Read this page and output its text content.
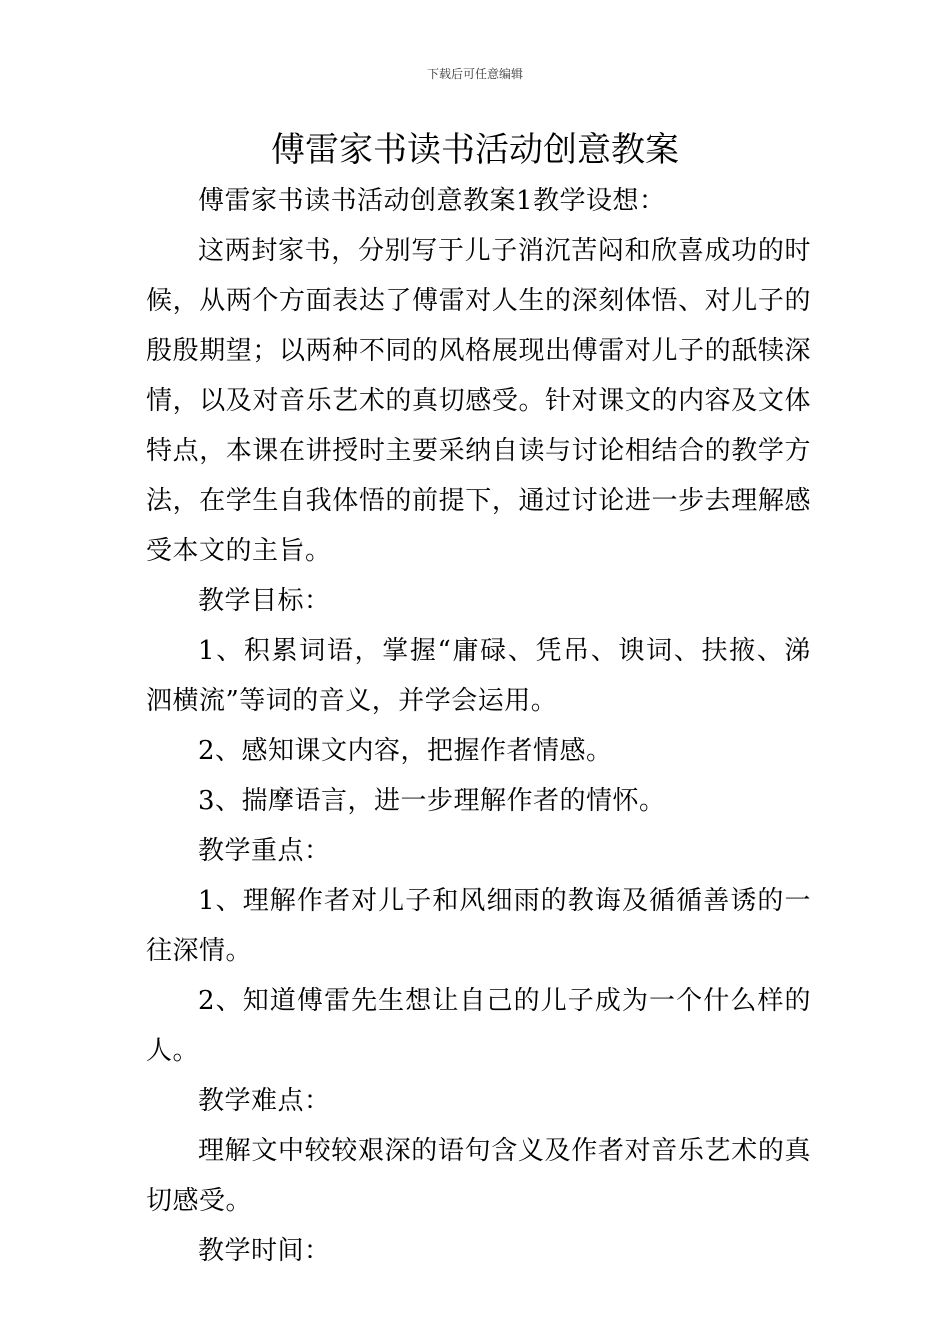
下载后可任意编辑
傅雷家书读书活动创意教案

傅雷家书读书活动创意教案1教学设想：

这两封家书，分别写于儿子消沉苦闷和欣喜成功的时候，从两个方面表达了傅雷对人生的深刻体悟、对儿子的殷殷期望；以两种不同的风格展现出傅雷对儿子的舐犊深情，以及对音乐艺术的真切感受。针对课文的内容及文体特点，本课在讲授时主要采纳自读与讨论相结合的教学方法，在学生自我体悟的前提下，通过讨论进一步去理解感受本文的主旨。

教学目标：

1、积累词语，掌握“庸碌、凭吊、谀词、扶掖、涕泗横流”等词的音义，并学会运用。

2、感知课文内容，把握作者情感。

3、揣摩语言，进一步理解作者的情怀。

教学重点：

1、理解作者对儿子和风细雨的教诲及循循善诱的一往深情。

2、知道傅雷先生想让自己的儿子成为一个什么样的人。

教学难点：

理解文中较较艰深的语句含义及作者对音乐艺术的真切感受。

教学时间：
